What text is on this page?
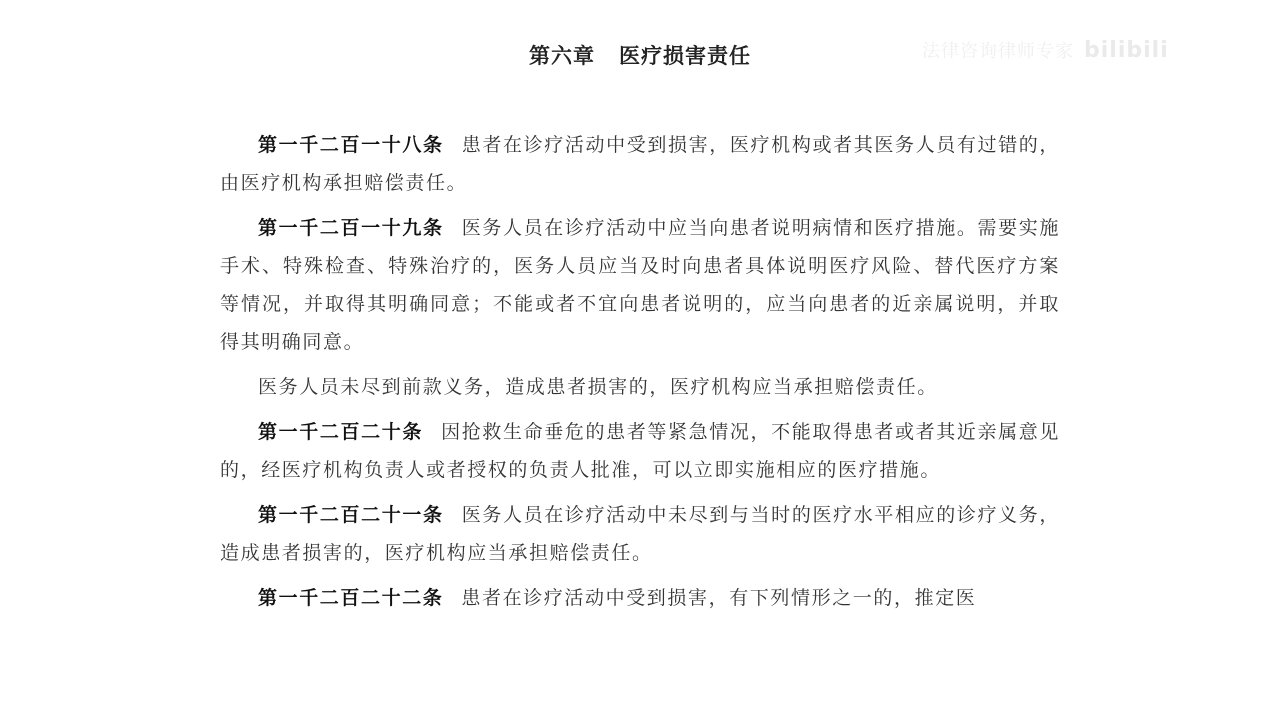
法律咨询律师专家 bilibili
第六章 医疗损害责任

第一千二百一十八条 患者在诊疗活动中受到损害，医疗机构或者其医务人员有过错的，由医疗机构承担赔偿责任。

第一千二百一十九条 医务人员在诊疗活动中应当向患者说明病情和医疗措施。需要实施手术、特殊检查、特殊治疗的，医务人员应当及时向患者具体说明医疗风险、替代医疗方案等情况，并取得其明确同意；不能或者不宜向患者说明的，应当向患者的近亲属说明，并取得其明确同意。

医务人员未尽到前款义务，造成患者损害的，医疗机构应当承担赔偿责任。

第一千二百二十条 因抢救生命垂危的患者等紧急情况，不能取得患者或者其近亲属意见的，经医疗机构负责人或者授权的负责人批准，可以立即实施相应的医疗措施。

第一千二百二十一条 医务人员在诊疗活动中未尽到与当时的医疗水平相应的诊疗义务，造成患者损害的，医疗机构应当承担赔偿责任。

第一千二百二十二条 患者在诊疗活动中受到损害，有下列情形之一的，推定医
